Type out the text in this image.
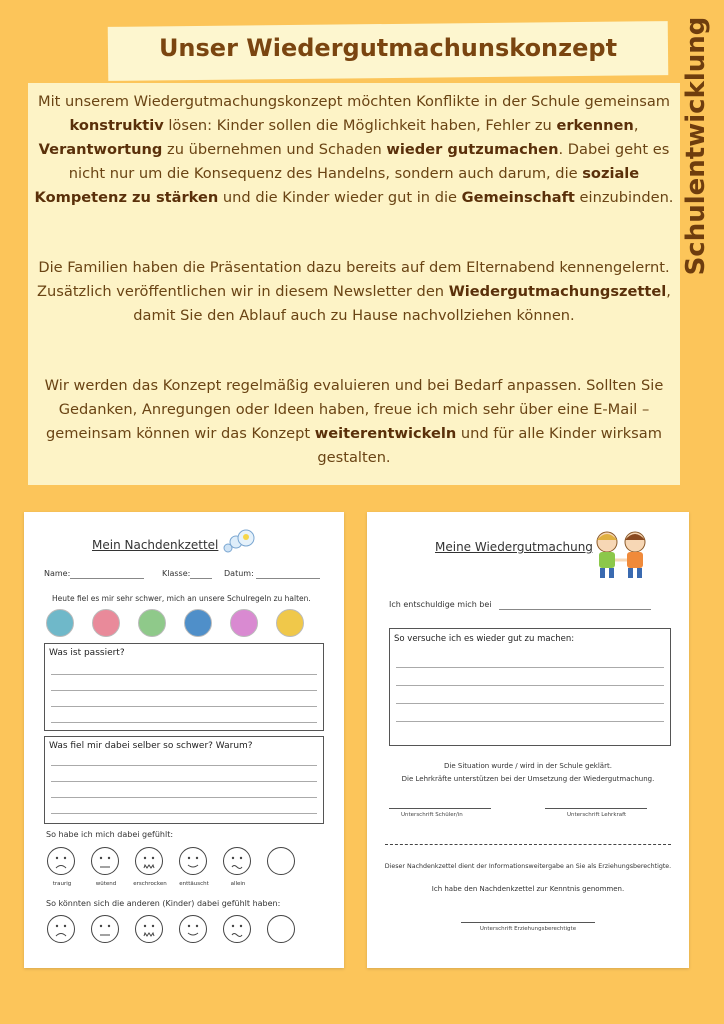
Unser Wiedergutmachunskonzept	Schulentwicklung
Mit unserem Wiedergutmachungskonzept möchten Konflikte in der Schule gemeinsam konstruktiv lösen: Kinder sollen die Möglichkeit haben, Fehler zu erkennen, Verantwortung zu übernehmen und Schaden wieder gutzumachen. Dabei geht es nicht nur um die Konsequenz des Handelns, sondern auch darum, die soziale Kompetenz zu stärken und die Kinder wieder gut in die Gemeinschaft einzubinden.
Die Familien haben die Präsentation dazu bereits auf dem Elternabend kennengelernt. Zusätzlich veröffentlichen wir in diesem Newsletter den Wiedergutmachungszettel, damit Sie den Ablauf auch zu Hause nachvollziehen können.
Wir werden das Konzept regelmäßig evaluieren und bei Bedarf anpassen. Sollten Sie Gedanken, Anregungen oder Ideen haben, freue ich mich sehr über eine E-Mail – gemeinsam können wir das Konzept weiterentwickeln und für alle Kinder wirksam gestalten.
Mein Nachdenkzettel
Name:	Klasse:	Datum:
Heute fiel es mir sehr schwer, mich an unsere Schulregeln zu halten.
Was ist passiert?
Was fiel mir dabei selber so schwer? Warum?
So habe ich mich dabei gefühlt:
traurig	wütend	erschrocken	enttäuscht	allein
So könnten sich die anderen (Kinder) dabei gefühlt haben:
Meine Wiedergutmachung
Ich entschuldige mich bei
So versuche ich es wieder gut zu machen:
Die Situation wurde / wird in der Schule geklärt.
Die Lehrkräfte unterstützen bei der Umsetzung der Wiedergutmachung.
Unterschrift Schüler/in	Unterschrift Lehrkraft
Dieser Nachdenkzettel dient der Informationsweitergabe an Sie als Erziehungsberechtigte.
Ich habe den Nachdenkzettel zur Kenntnis genommen.
Unterschrift Erziehungsberechtigte
